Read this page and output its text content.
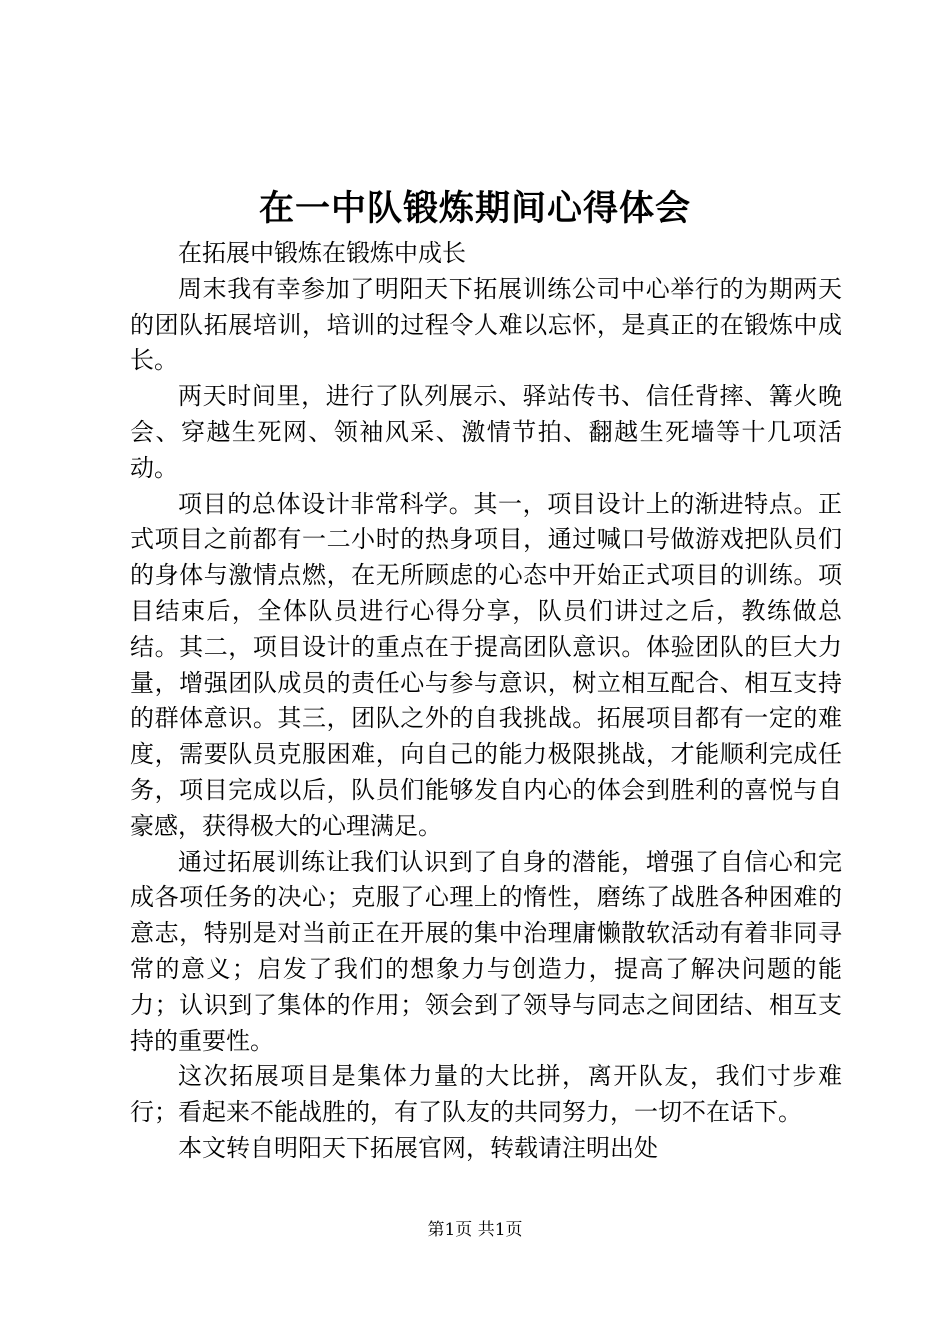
在一中队锻炼期间心得体会

在拓展中锻炼在锻炼中成长

周末我有幸参加了明阳天下拓展训练公司中心举行的为期两天的团队拓展培训，培训的过程令人难以忘怀，是真正的在锻炼中成长。

两天时间里，进行了队列展示、驿站传书、信任背摔、篝火晚会、穿越生死网、领袖风采、激情节拍、翻越生死墙等十几项活动。

项目的总体设计非常科学。其一，项目设计上的渐进特点。正式项目之前都有一二小时的热身项目，通过喊口号做游戏把队员们的身体与激情点燃，在无所顾虑的心态中开始正式项目的训练。项目结束后，全体队员进行心得分享，队员们讲过之后，教练做总结。其二，项目设计的重点在于提高团队意识。体验团队的巨大力量，增强团队成员的责任心与参与意识，树立相互配合、相互支持的群体意识。其三，团队之外的自我挑战。拓展项目都有一定的难度，需要队员克服困难，向自己的能力极限挑战，才能顺利完成任务，项目完成以后，队员们能够发自内心的体会到胜利的喜悦与自豪感，获得极大的心理满足。

通过拓展训练让我们认识到了自身的潜能，增强了自信心和完成各项任务的决心；克服了心理上的惰性，磨练了战胜各种困难的意志，特别是对当前正在开展的集中治理庸懒散软活动有着非同寻常的意义；启发了我们的想象力与创造力，提高了解决问题的能力；认识到了集体的作用；领会到了领导与同志之间团结、相互支持的重要性。

这次拓展项目是集体力量的大比拼，离开队友，我们寸步难行；看起来不能战胜的，有了队友的共同努力，一切不在话下。

本文转自明阳天下拓展官网，转载请注明出处

第1页 共1页
